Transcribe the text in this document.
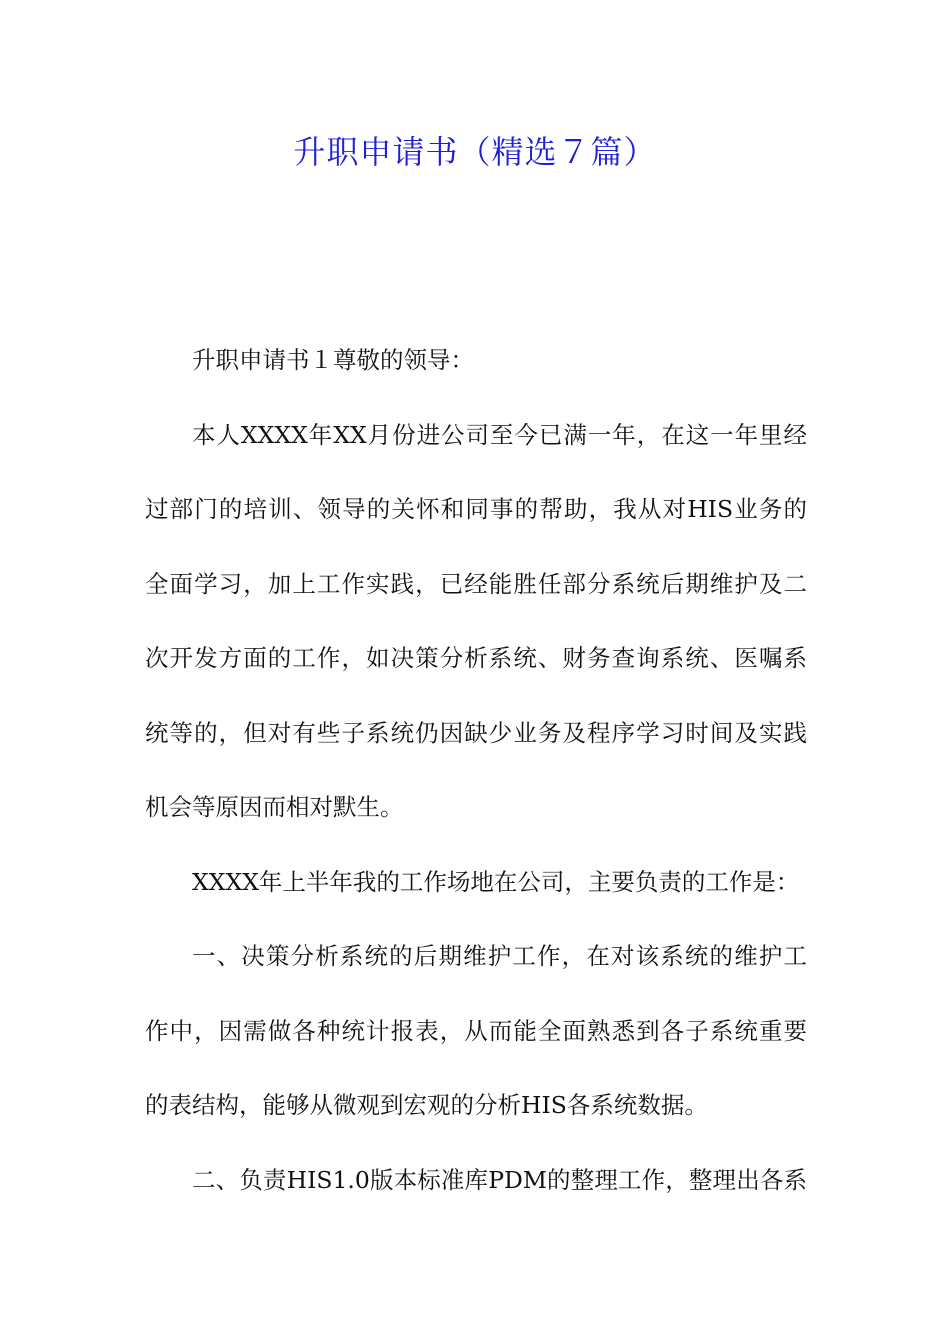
升职申请书（精选７篇）
升职申请书１尊敬的领导：
本人XXXX年XX月份进公司至今已满一年，在这一年里经
过部门的培训、领导的关怀和同事的帮助，我从对HIS业务的
全面学习，加上工作实践，已经能胜任部分系统后期维护及二
次开发方面的工作，如决策分析系统、财务查询系统、医嘱系
统等的，但对有些子系统仍因缺少业务及程序学习时间及实践
机会等原因而相对默生。
XXXX年上半年我的工作场地在公司，主要负责的工作是：
一、决策分析系统的后期维护工作，在对该系统的维护工
作中，因需做各种统计报表，从而能全面熟悉到各子系统重要
的表结构，能够从微观到宏观的分析HIS各系统数据。
二、负责HIS1.0版本标准库PDM的整理工作，整理出各系
